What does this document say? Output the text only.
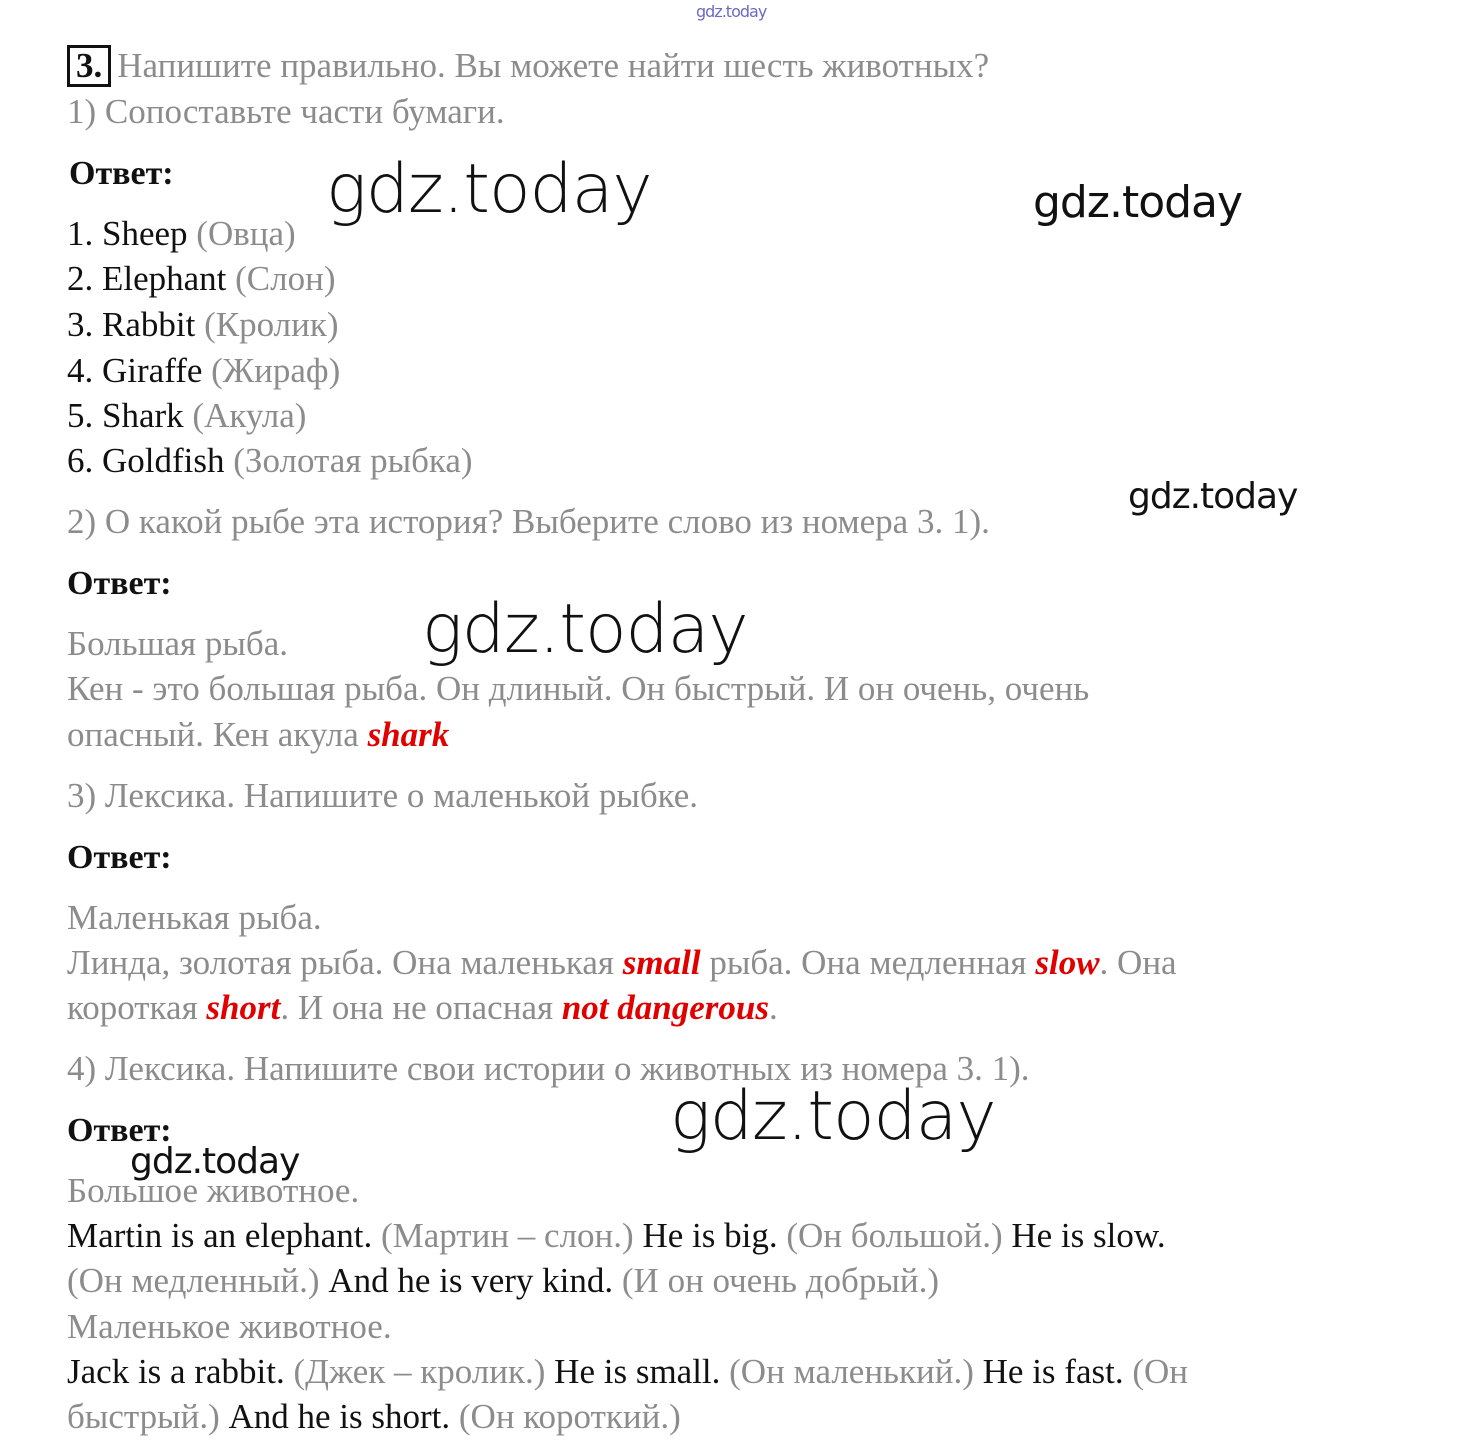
gdz.today
gdz.today	gdz.today
gdz.today
gdz.today
gdz.today
gdz.today
3. Напишите правильно. Вы можете найти шесть животных?
1) Сопоставьте части бумаги.
Ответ:
1. Sheep (Овца)
2. Elephant (Слон)
3. Rabbit (Кролик)
4. Giraffe (Жираф)
5. Shark (Акула)
6. Goldfish (Золотая рыбка)
2) О какой рыбе эта история? Выберите слово из номера 3. 1).
Ответ:
Большая рыба.
Кен - это большая рыба. Он длиный. Он быстрый. И он очень, очень
опасный. Кен акула shark
3) Лексика. Напишите о маленькой рыбке.
Ответ:
Маленькая рыба.
Линда, золотая рыба. Она маленькая small рыба. Она медленная slow. Она
короткая short. И она не опасная not dangerous.
4) Лексика. Напишите свои истории о животных из номера 3. 1).
Ответ:
Большое животное.
Martin is an elephant. (Мартин – слон.) He is big. (Он большой.) He is slow.
(Он медленный.) And he is very kind. (И он очень добрый.)
Маленькое животное.
Jack is a rabbit. (Джек – кролик.) He is small. (Он маленький.) He is fast. (Он
быстрый.) And he is short. (Он короткий.)
